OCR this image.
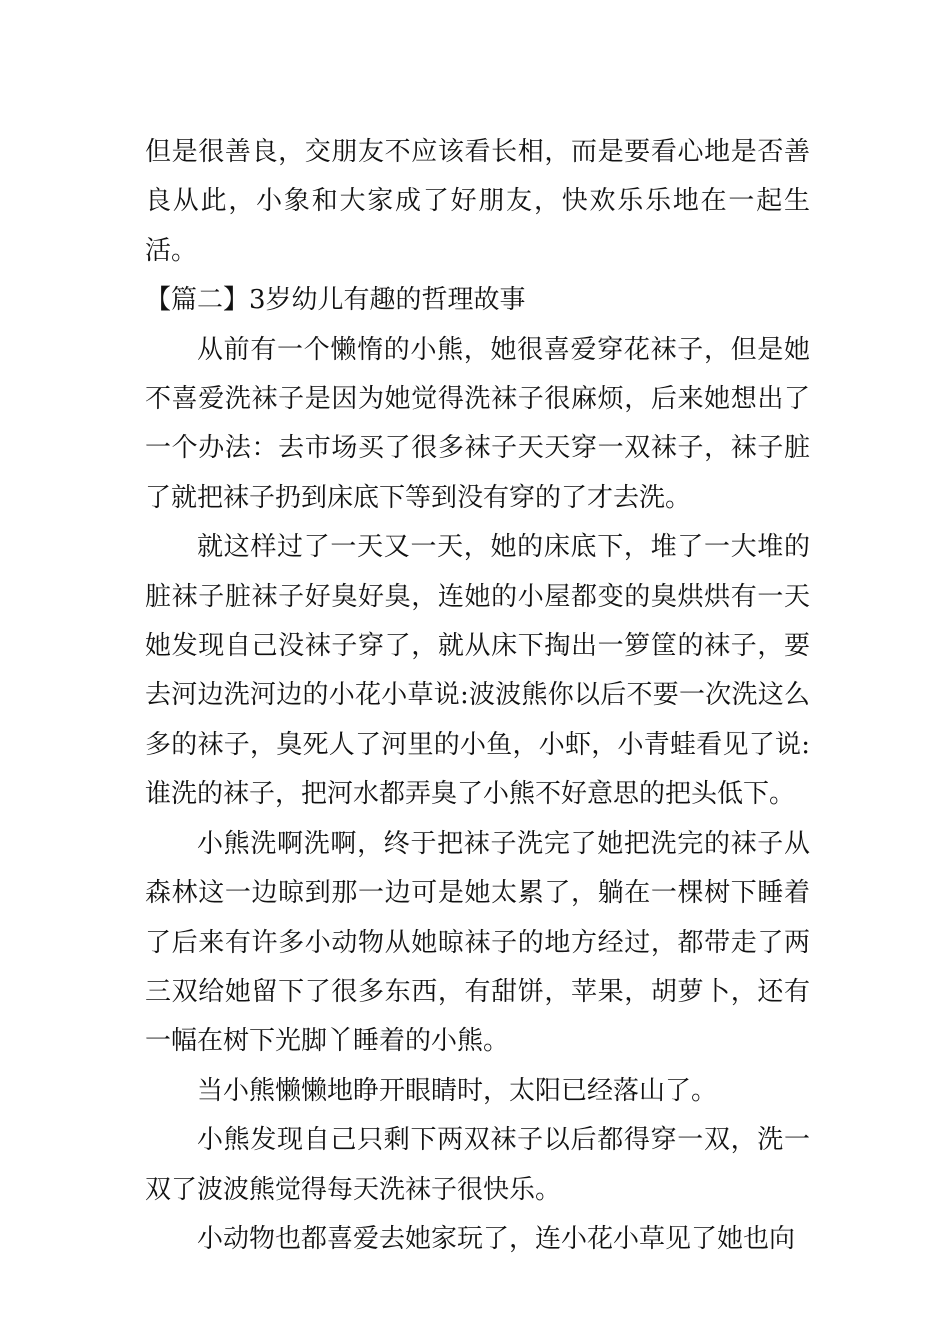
但是很善良，交朋友不应该看长相，而是要看心地是否善良从此，小象和大家成了好朋友，快欢乐乐地在一起生活。

【篇二】3岁幼儿有趣的哲理故事

从前有一个懒惰的小熊，她很喜爱穿花袜子，但是她不喜爱洗袜子是因为她觉得洗袜子很麻烦，后来她想出了一个办法：去市场买了很多袜子天天穿一双袜子，袜子脏了就把袜子扔到床底下等到没有穿的了才去洗。

就这样过了一天又一天，她的床底下，堆了一大堆的脏袜子脏袜子好臭好臭，连她的小屋都变的臭烘烘有一天她发现自己没袜子穿了，就从床下掏出一箩筐的袜子，要去河边洗河边的小花小草说:波波熊你以后不要一次洗这么多的袜子，臭死人了河里的小鱼，小虾，小青蛙看见了说:谁洗的袜子，把河水都弄臭了小熊不好意思的把头低下。

小熊洗啊洗啊，终于把袜子洗完了她把洗完的袜子从森林这一边晾到那一边可是她太累了，躺在一棵树下睡着了后来有许多小动物从她晾袜子的地方经过，都带走了两三双给她留下了很多东西，有甜饼，苹果，胡萝卜，还有一幅在树下光脚丫睡着的小熊。

当小熊懒懒地睁开眼睛时，太阳已经落山了。

小熊发现自己只剩下两双袜子以后都得穿一双，洗一双了波波熊觉得每天洗袜子很快乐。

小动物也都喜爱去她家玩了，连小花小草见了她也向
